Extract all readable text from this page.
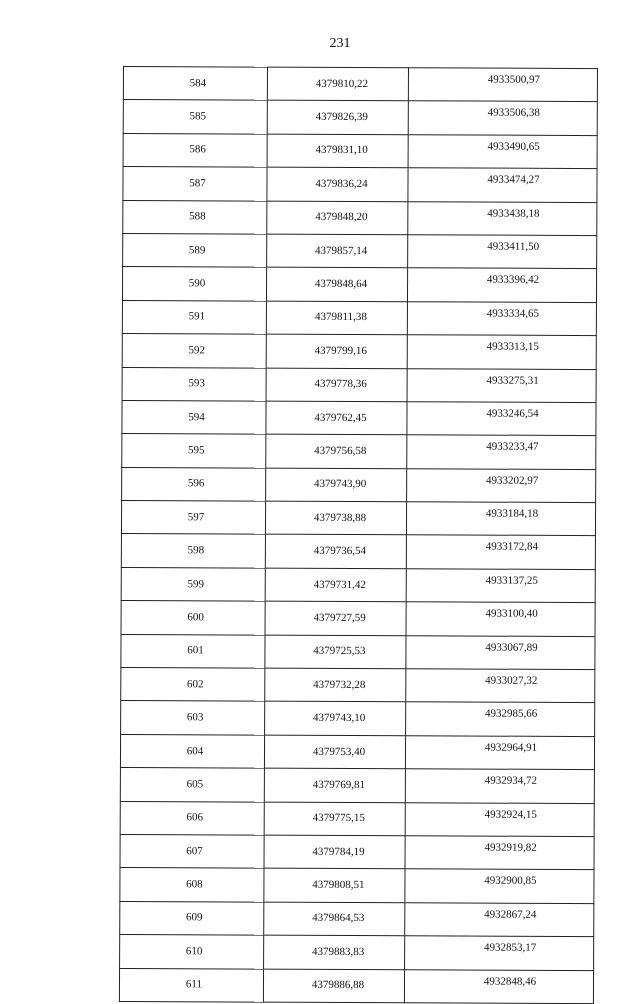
231
584	4379810,22	4933500,97
585	4379826,39	4933506,38
586	4379831,10	4933490,65
587	4379836,24	4933474,27
588	4379848,20	4933438,18
589	4379857,14	4933411,50
590	4379848,64	4933396,42
591	4379811,38	4933334,65
592	4379799,16	4933313,15
593	4379778,36	4933275,31
594	4379762,45	4933246,54
595	4379756,58	4933233,47
596	4379743,90	4933202,97
597	4379738,88	4933184,18
598	4379736,54	4933172,84
599	4379731,42	4933137,25
600	4379727,59	4933100,40
601	4379725,53	4933067,89
602	4379732,28	4933027,32
603	4379743,10	4932985,66
604	4379753,40	4932964,91
605	4379769,81	4932934,72
606	4379775,15	4932924,15
607	4379784,19	4932919,82
608	4379808,51	4932900,85
609	4379864,53	4932867,24
610	4379883,83	4932853,17
611	4379886,88	4932848,46
